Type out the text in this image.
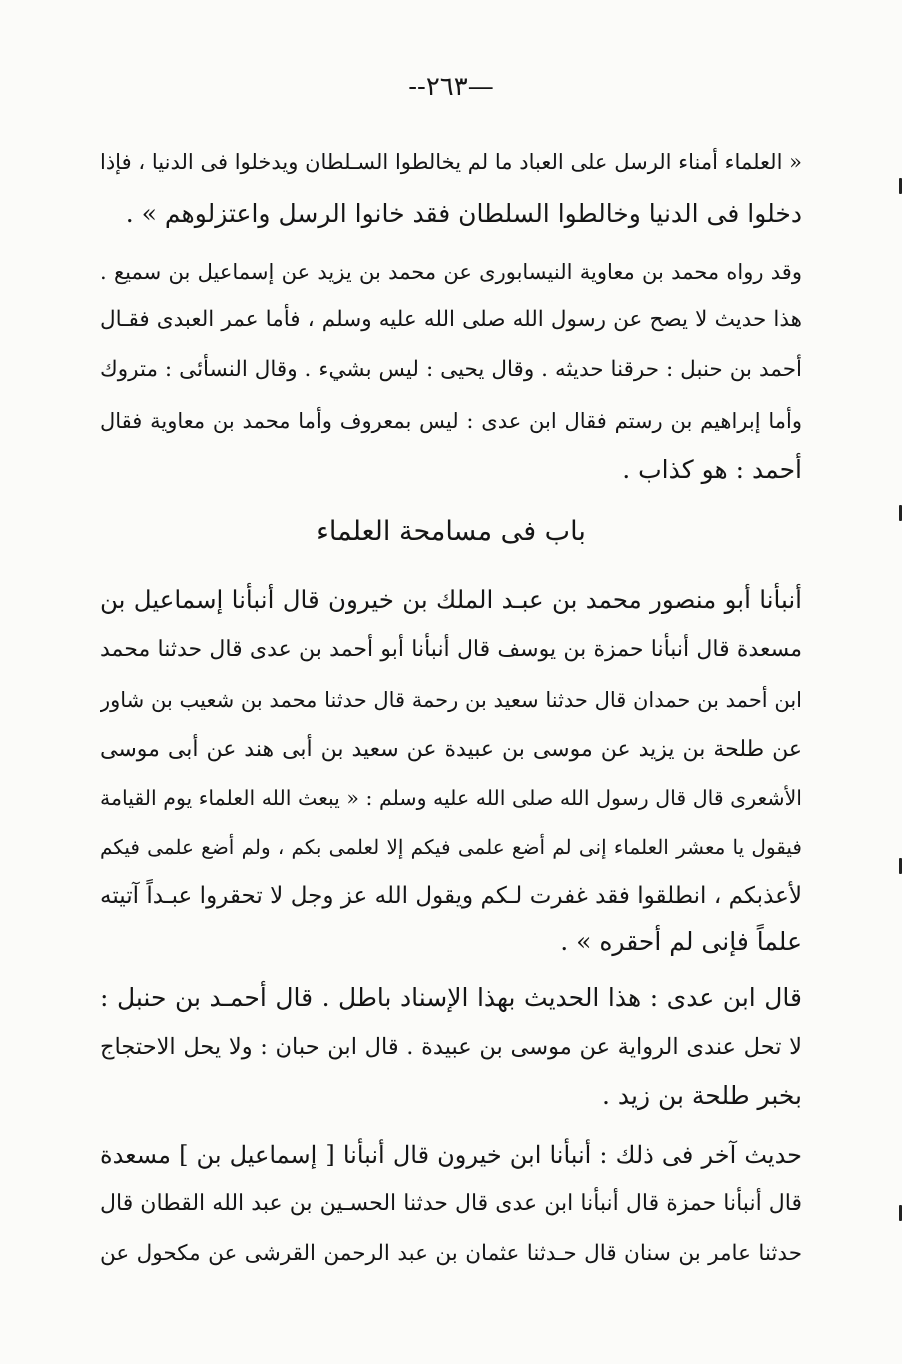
—٢٦٣--
« العلماء أمناء الرسل على العباد ما لم يخالطوا السـلطان ويدخلوا فى الدنيا ، فإذا
دخلوا فى الدنيا وخالطوا السلطان فقد خانوا الرسل واعتزلوهم » .
وقد رواه محمد بن معاوية النيسابورى عن محمد بن يزيد عن إسماعيل بن سميع .
هذا حديث لا يصح عن رسول الله صلى الله عليه وسلم ، فأما عمر العبدى فقـال
أحمد بن حنبل : حرقنا حديثه . وقال يحيى : ليس بشيء . وقال النسأئى : متروك
وأما إبراهيم بن رستم فقال ابن عدى : ليس بمعروف وأما محمد بن معاوية فقال
أحمد : هو كذاب .
باب فى مسامحة العلماء
أنبأنا أبو منصور محمد بن عبـد الملك بن خيرون قال أنبأنا إسماعيل بن
مسعدة قال أنبأنا حمزة بن يوسف قال أنبأنا أبو أحمد بن عدى قال حدثنا محمد
ابن أحمد بن حمدان قال حدثنا سعيد بن رحمة قال حدثنا محمد بن شعيب بن شاور
عن طلحة بن يزيد عن موسى بن عبيدة عن سعيد بن أبى هند عن أبى موسى
الأشعرى قال قال رسول الله صلى الله عليه وسلم : « يبعث الله العلماء يوم القيامة
فيقول يا معشر العلماء إنى لم أضع علمى فيكم إلا لعلمى بكم ، ولم أضع علمى فيكم
لأعذبكم ، انطلقوا فقد غفرت لـكم ويقول الله عز وجل لا تحقروا عبـداً آتيته
علماً فإنى لم أحقره » .
قال ابن عدى : هذا الحديث بهذا الإسناد باطل . قال أحمـد بن حنبل :
لا تحل عندى الرواية عن موسى بن عبيدة . قال ابن حبان : ولا يحل الاحتجاج
بخبر طلحة بن زيد .
حديث آخر فى ذلك : أنبأنا ابن خيرون قال أنبأنا [ إسماعيل بن ] مسعدة
قال أنبأنا حمزة قال أنبأنا ابن عدى قال حدثنا الحسـين بن عبد الله القطان قال
حدثنا عامر بن سنان قال حـدثنا عثمان بن عبد الرحمن القرشى عن مكحول عن
